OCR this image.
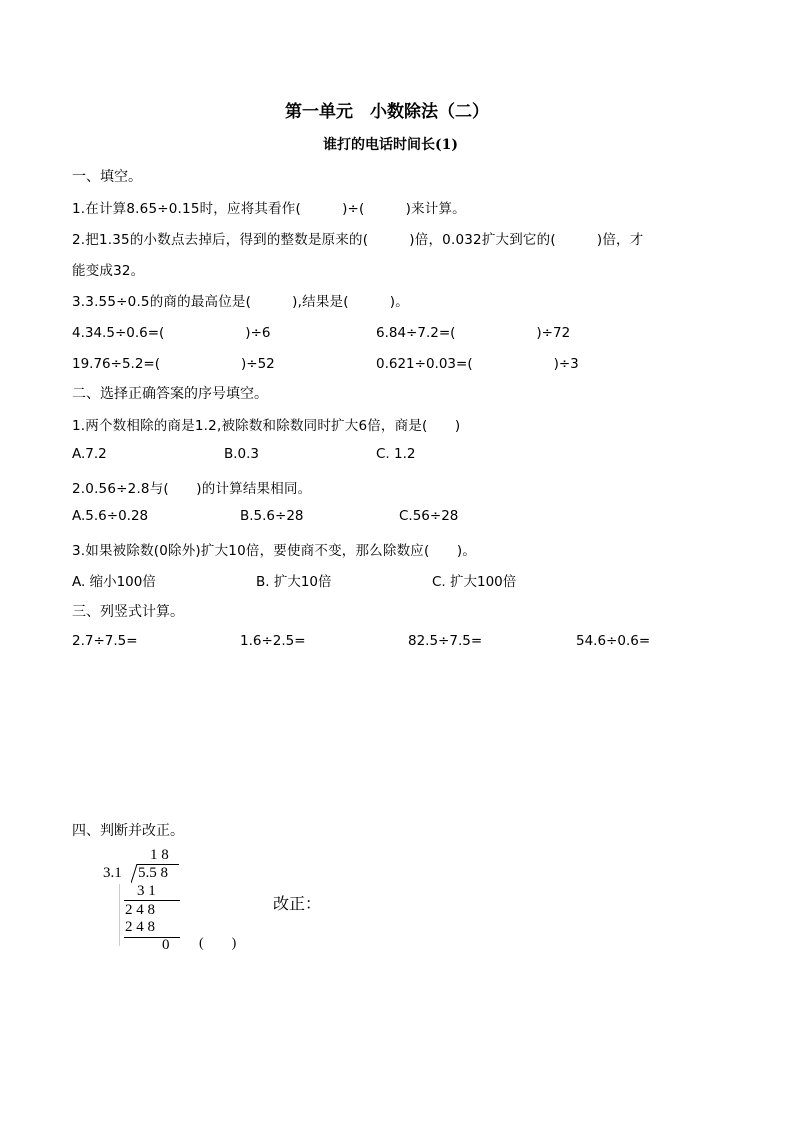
第一单元　小数除法（二）
谁打的电话时间长(1)
一、填空。
1.在计算8.65÷0.15时，应将其看作(　　　)÷(　　　)来计算。
2.把1.35的小数点去掉后，得到的整数是原来的(　　　)倍，0.032扩大到它的(　　　)倍，才
能变成32。
3.3.55÷0.5的商的最高位是(　　　),结果是(　　　)。
4.34.5÷0.6=(　　　　　　)÷6	6.84÷7.2=(　　　　　　)÷72
19.76÷5.2=(　　　　　　)÷52	0.621÷0.03=(　　　　　　)÷3
二、选择正确答案的序号填空。
1.两个数相除的商是1.2,被除数和除数同时扩大6倍，商是(　　)
A.7.2	B.0.3	C. 1.2
2.0.56÷2.8与(　　)的计算结果相同。
A.5.6÷0.28	B.5.6÷28	C.56÷28
3.如果被除数(0除外)扩大10倍，要使商不变，那么除数应(　　)。
A. 缩小100倍	B. 扩大10倍	C. 扩大100倍
三、列竖式计算。
2.7÷7.5=	1.6÷2.5=	82.5÷7.5=	54.6÷0.6=
四、判断并改正。
1 8
3.1 5.5 8
3 1
2 4 8
2 4 8
0 (　　)
改正：
